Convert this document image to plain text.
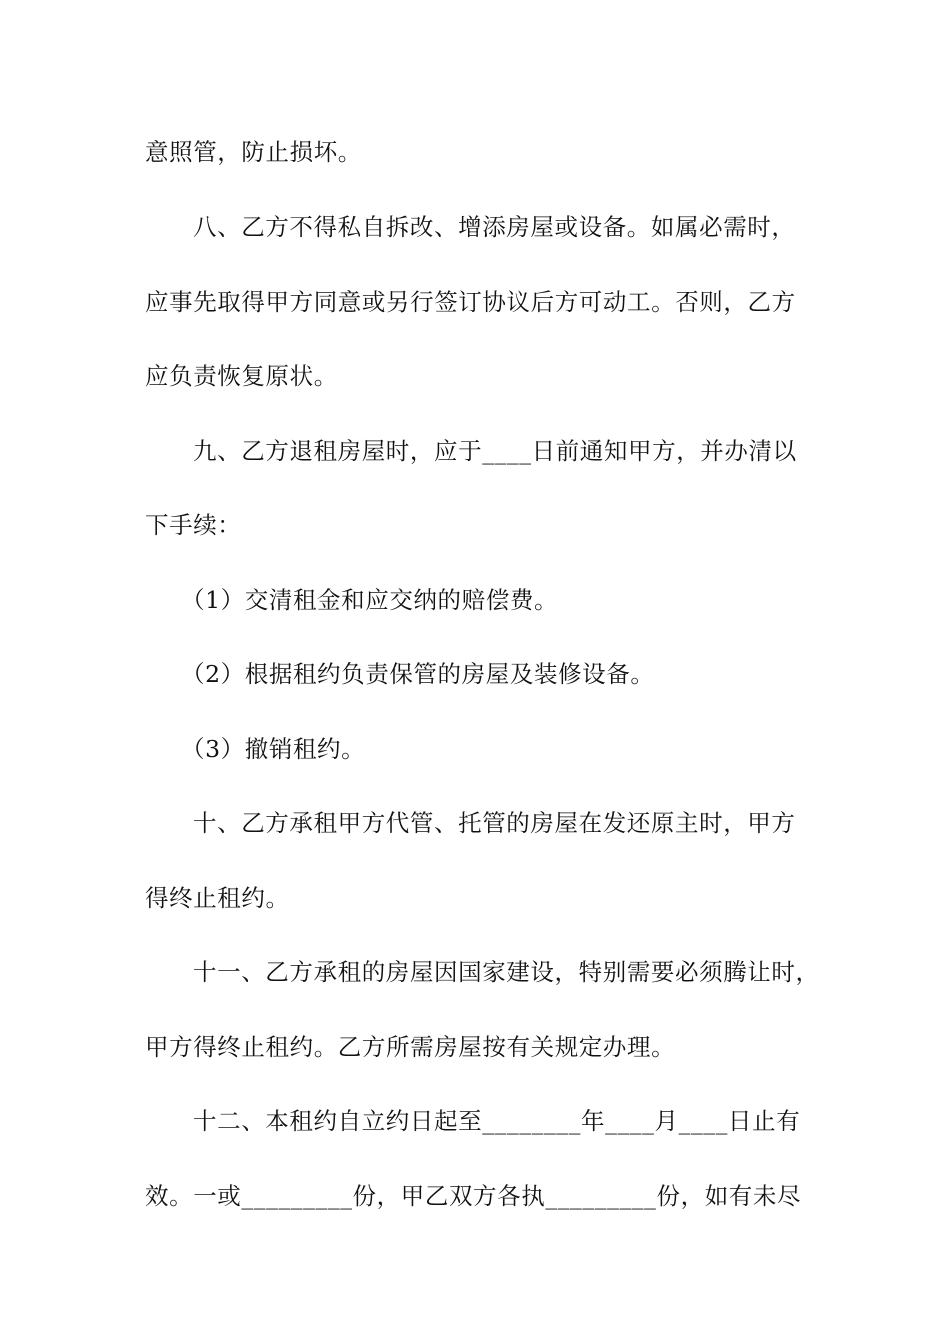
意照管，防止损坏。
八、乙方不得私自拆改、增添房屋或设备。如属必需时，
应事先取得甲方同意或另行签订协议后方可动工。否则，乙方
应负责恢复原状。
九、乙方退租房屋时，应于____日前通知甲方，并办清以
下手续：
（1）交清租金和应交纳的赔偿费。
（2）根据租约负责保管的房屋及装修设备。
（3）撤销租约。
十、乙方承租甲方代管、托管的房屋在发还原主时，甲方
得终止租约。
十一、乙方承租的房屋因国家建设，特别需要必须腾让时，
甲方得终止租约。乙方所需房屋按有关规定办理。
十二、本租约自立约日起至________年____月____日止有
效。一或_________份，甲乙双方各执_________份，如有未尽
